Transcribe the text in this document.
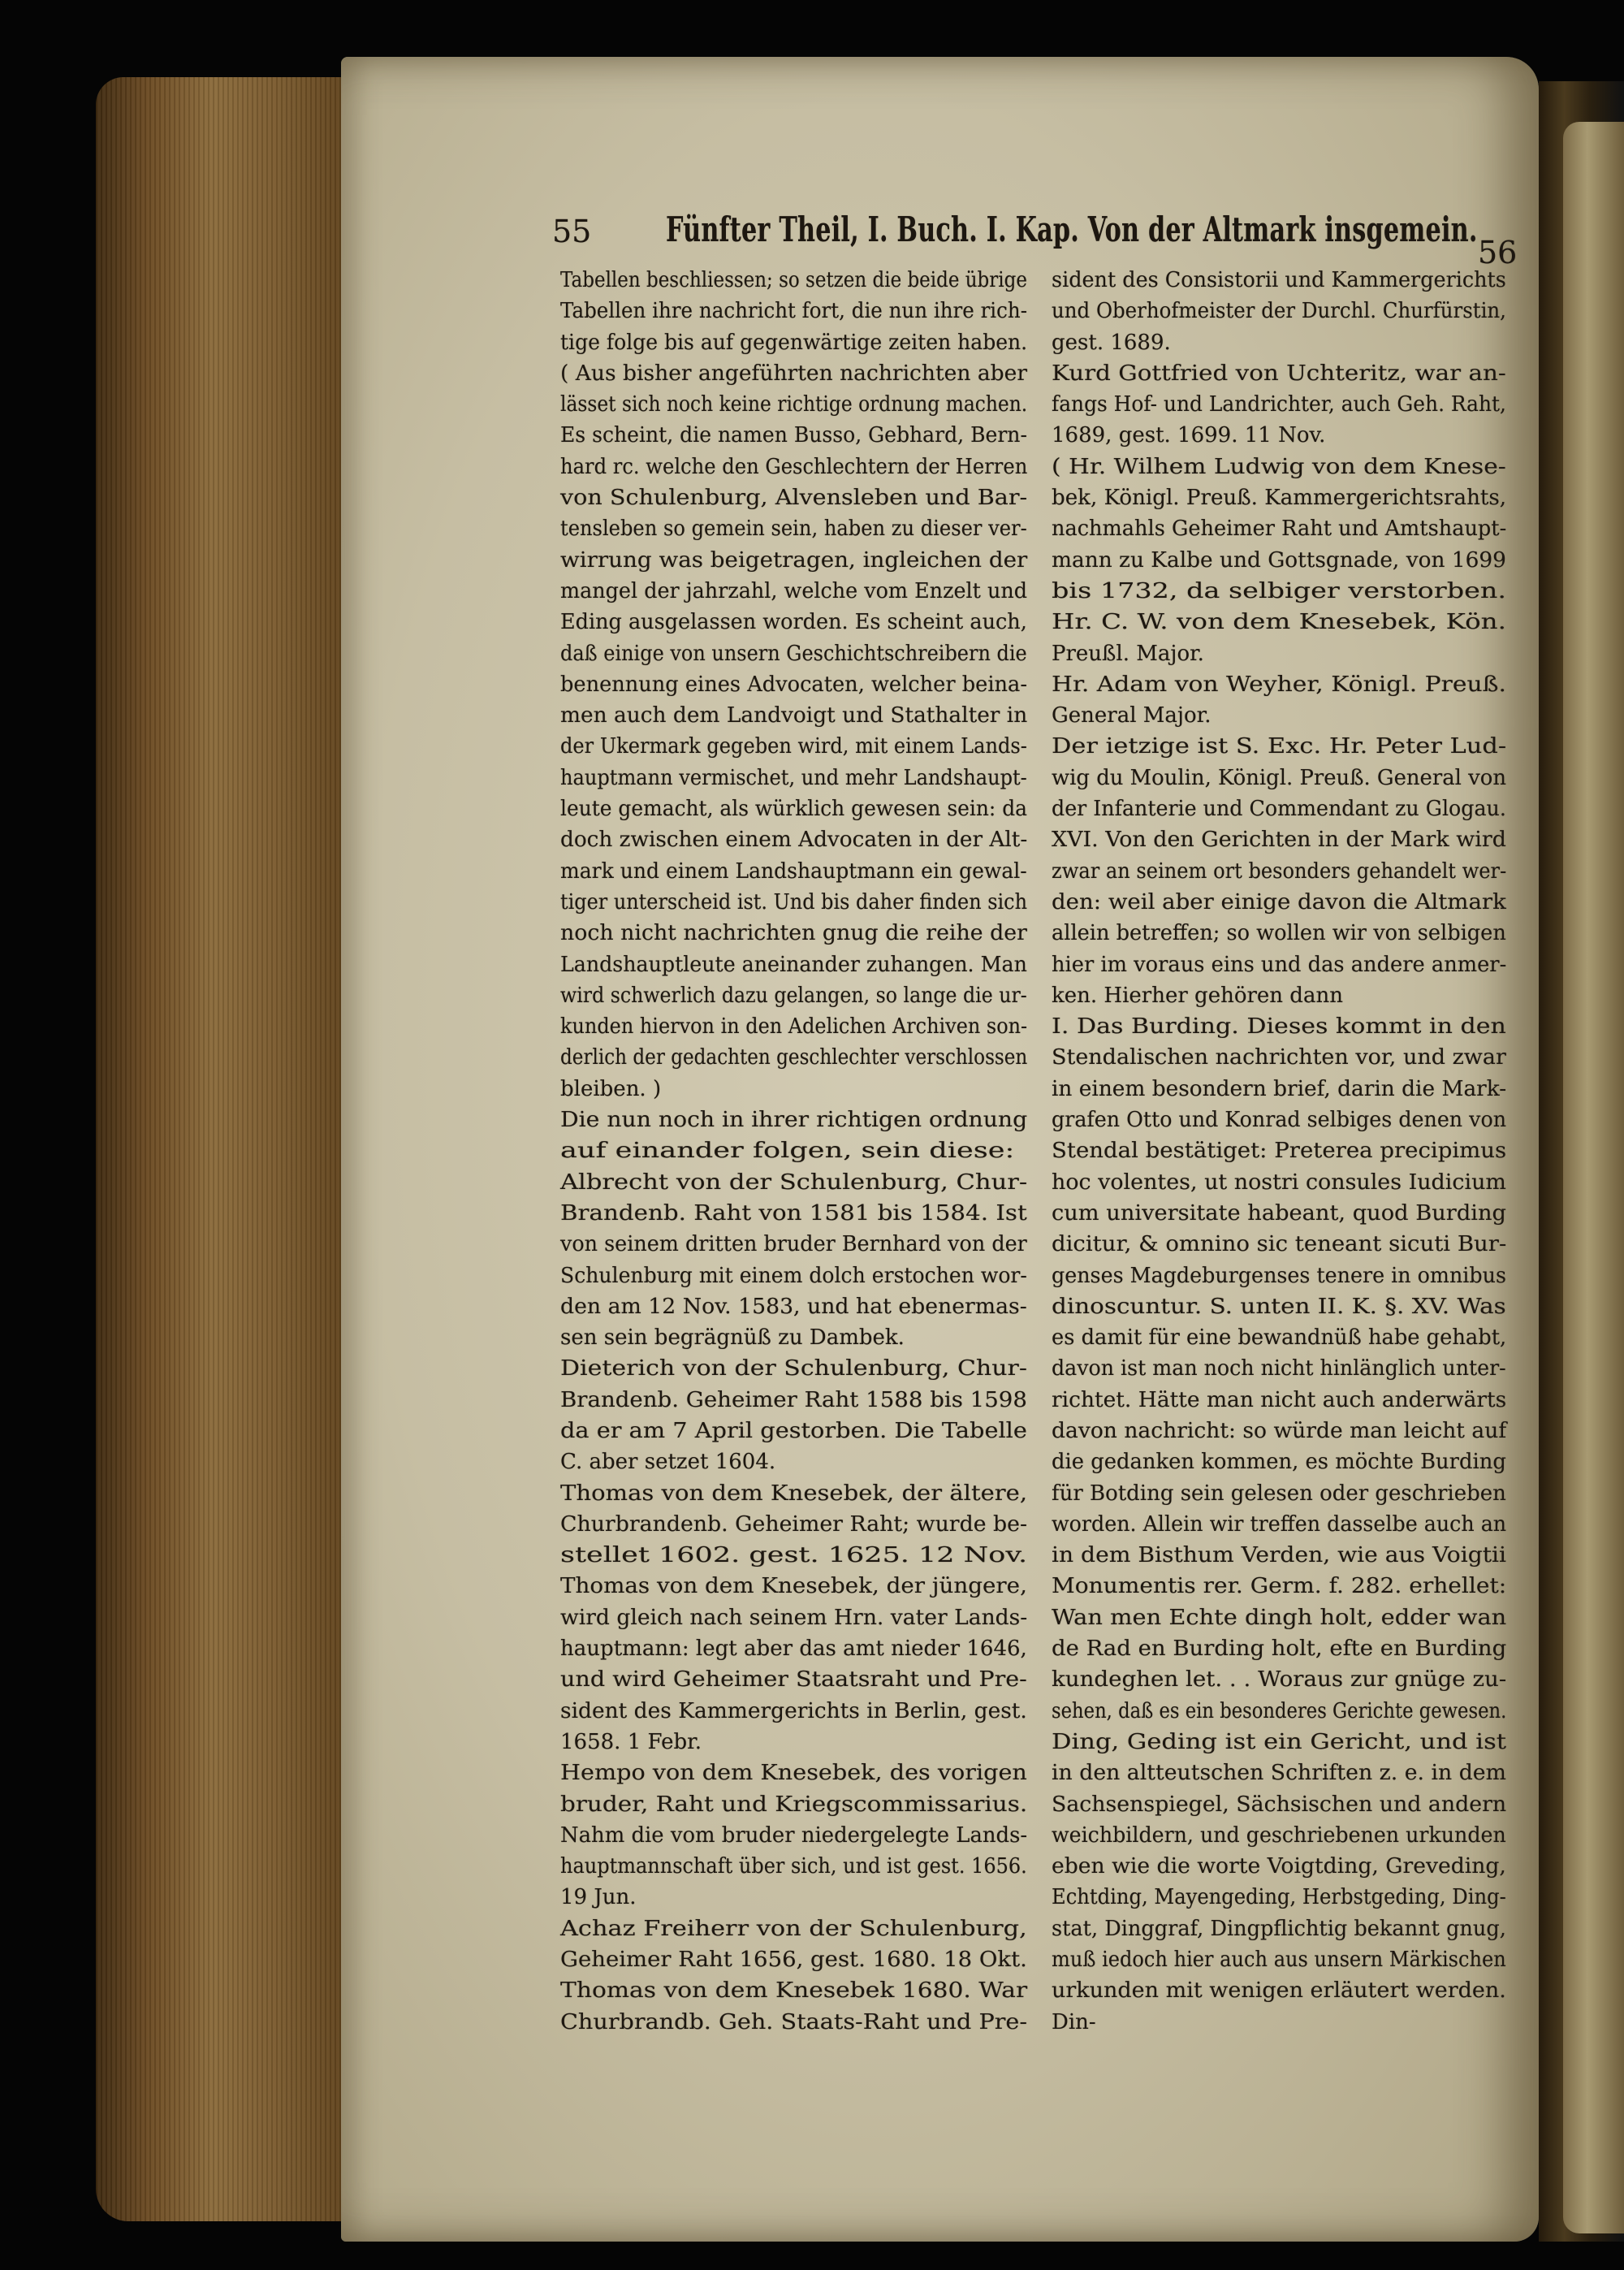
55 Fünfter Theil, I. Buch. I. Kap. Von der Altmark insgemein.
56
Tabellen beschliessen; so setzen die beide übrige
Tabellen ihre nachricht fort, die nun ihre rich-
tige folge bis auf gegenwärtige zeiten haben.
( Aus bisher angeführten nachrichten aber
lässet sich noch keine richtige ordnung machen.
Es scheint, die namen Busso, Gebhard, Bern-
hard rc. welche den Geschlechtern der Herren
von Schulenburg, Alvensleben und Bar-
tensleben so gemein sein, haben zu dieser ver-
wirrung was beigetragen, ingleichen der
mangel der jahrzahl, welche vom Enzelt und
Eding ausgelassen worden. Es scheint auch,
daß einige von unsern Geschichtschreibern die
benennung eines Advocaten, welcher beina-
men auch dem Landvoigt und Stathalter in
der Ukermark gegeben wird, mit einem Lands-
hauptmann vermischet, und mehr Landshaupt-
leute gemacht, als würklich gewesen sein: da
doch zwischen einem Advocaten in der Alt-
mark und einem Landshauptmann ein gewal-
tiger unterscheid ist. Und bis daher finden sich
noch nicht nachrichten gnug die reihe der
Landshauptleute aneinander zuhangen. Man
wird schwerlich dazu gelangen, so lange die ur-
kunden hiervon in den Adelichen Archiven son-
derlich der gedachten geschlechter verschlossen
bleiben. )
Die nun noch in ihrer richtigen ordnung
auf einander folgen, sein diese:
Albrecht von der Schulenburg, Chur-
Brandenb. Raht von 1581 bis 1584. Ist
von seinem dritten bruder Bernhard von der
Schulenburg mit einem dolch erstochen wor-
den am 12 Nov. 1583, und hat ebenermas-
sen sein begrägnüß zu Dambek.
Dieterich von der Schulenburg, Chur-
Brandenb. Geheimer Raht 1588 bis 1598
da er am 7 April gestorben. Die Tabelle
C. aber setzet 1604.
Thomas von dem Knesebek, der ältere,
Churbrandenb. Geheimer Raht; wurde be-
stellet 1602. gest. 1625. 12 Nov.
Thomas von dem Knesebek, der jüngere,
wird gleich nach seinem Hrn. vater Lands-
hauptmann: legt aber das amt nieder 1646,
und wird Geheimer Staatsraht und Pre-
sident des Kammergerichts in Berlin, gest.
1658. 1 Febr.
Hempo von dem Knesebek, des vorigen
bruder, Raht und Kriegscommissarius.
Nahm die vom bruder niedergelegte Lands-
hauptmannschaft über sich, und ist gest. 1656.
19 Jun.
Achaz Freiherr von der Schulenburg,
Geheimer Raht 1656, gest. 1680. 18 Okt.
Thomas von dem Knesebek 1680. War
Churbrandb. Geh. Staats-Raht und Pre-
sident des Consistorii und Kammergerichts
und Oberhofmeister der Durchl. Churfürstin,
gest. 1689.
Kurd Gottfried von Uchteritz, war an-
fangs Hof- und Landrichter, auch Geh. Raht,
1689, gest. 1699. 11 Nov.
( Hr. Wilhem Ludwig von dem Knese-
bek, Königl. Preuß. Kammergerichtsrahts,
nachmahls Geheimer Raht und Amtshaupt-
mann zu Kalbe und Gottsgnade, von 1699
bis 1732, da selbiger verstorben.
Hr. C. W. von dem Knesebek, Kön.
Preußl. Major.
Hr. Adam von Weyher, Königl. Preuß.
General Major.
Der ietzige ist S. Exc. Hr. Peter Lud-
wig du Moulin, Königl. Preuß. General von
der Infanterie und Commendant zu Glogau.
XVI. Von den Gerichten in der Mark wird
zwar an seinem ort besonders gehandelt wer-
den: weil aber einige davon die Altmark
allein betreffen; so wollen wir von selbigen
hier im voraus eins und das andere anmer-
ken. Hierher gehören dann
I. Das Burding. Dieses kommt in den
Stendalischen nachrichten vor, und zwar
in einem besondern brief, darin die Mark-
grafen Otto und Konrad selbiges denen von
Stendal bestätiget: Preterea precipimus
hoc volentes, ut nostri consules Iudicium
cum universitate habeant, quod Burding
dicitur, & omnino sic teneant sicuti Bur-
genses Magdeburgenses tenere in omnibus
dinoscuntur. S. unten II. K. §. XV. Was
es damit für eine bewandnüß habe gehabt,
davon ist man noch nicht hinlänglich unter-
richtet. Hätte man nicht auch anderwärts
davon nachricht: so würde man leicht auf
die gedanken kommen, es möchte Burding
für Botding sein gelesen oder geschrieben
worden. Allein wir treffen dasselbe auch an
in dem Bisthum Verden, wie aus Voigtii
Monumentis rer. Germ. f. 282. erhellet:
Wan men Echte dingh holt, edder wan
de Rad en Burding holt, efte en Burding
kundeghen let. . . Woraus zur gnüge zu-
sehen, daß es ein besonderes Gerichte gewesen.
Ding, Geding ist ein Gericht, und ist
in den altteutschen Schriften z. e. in dem
Sachsenspiegel, Sächsischen und andern
weichbildern, und geschriebenen urkunden
eben wie die worte Voigtding, Greveding,
Echtding, Mayengeding, Herbstgeding, Ding-
stat, Dinggraf, Dingpflichtig bekannt gnug,
muß iedoch hier auch aus unsern Märkischen
urkunden mit wenigen erläutert werden.
Din-
